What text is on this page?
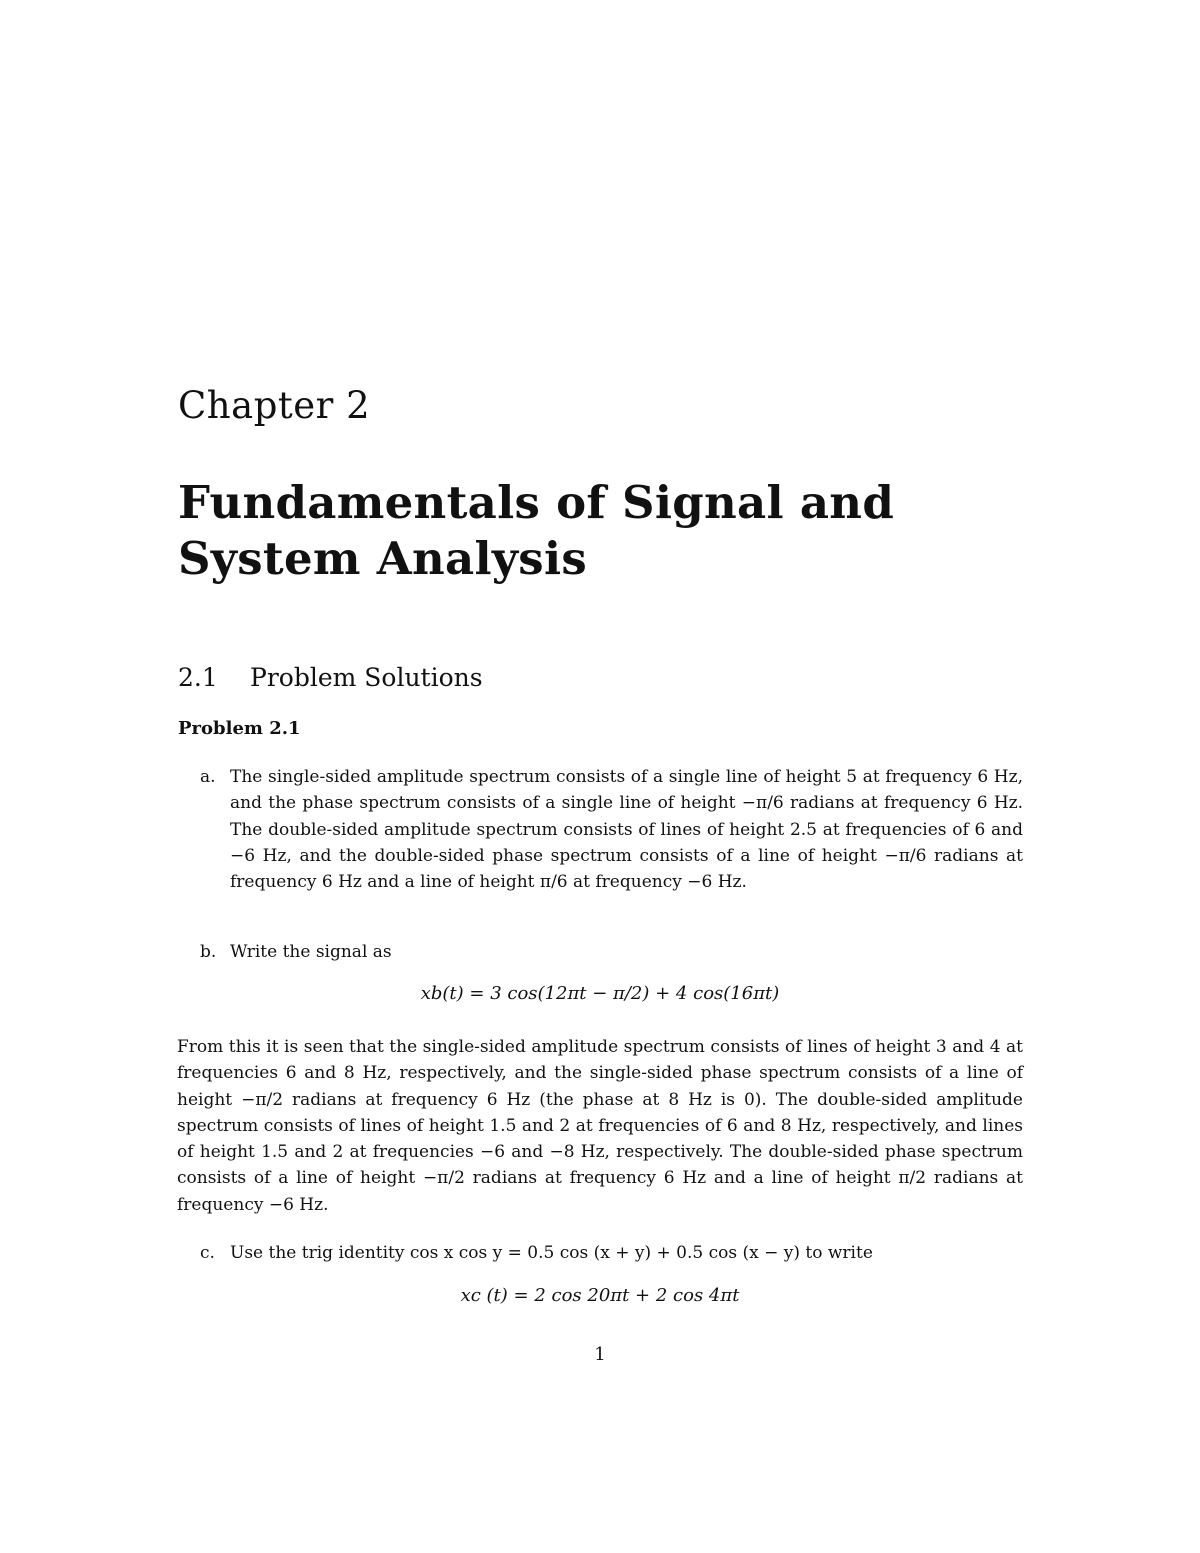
Chapter 2
Fundamentals of Signal and System Analysis
2.1 Problem Solutions
Problem 2.1
a. The single-sided amplitude spectrum consists of a single line of height 5 at frequency 6 Hz, and the phase spectrum consists of a single line of height −π/6 radians at frequency 6 Hz. The double-sided amplitude spectrum consists of lines of height 2.5 at frequencies of 6 and −6 Hz, and the double-sided phase spectrum consists of a line of height −π/6 radians at frequency 6 Hz and a line of height π/6 at frequency −6 Hz.
b. Write the signal as
xb(t) = 3 cos(12πt − π/2) + 4 cos(16πt)

From this it is seen that the single-sided amplitude spectrum consists of lines of height 3 and 4 at frequencies 6 and 8 Hz, respectively, and the single-sided phase spectrum consists of a line of height −π/2 radians at frequency 6 Hz (the phase at 8 Hz is 0). The double-sided amplitude spectrum consists of lines of height 1.5 and 2 at frequencies of 6 and 8 Hz, respectively, and lines of height 1.5 and 2 at frequencies −6 and −8 Hz, respectively. The double-sided phase spectrum consists of a line of height −π/2 radians at frequency 6 Hz and a line of height π/2 radians at frequency −6 Hz.

c. Use the trig identity cos x cos y = 0.5 cos (x + y) + 0.5 cos (x − y) to write
xc (t) = 2 cos 20πt + 2 cos 4πt
1
